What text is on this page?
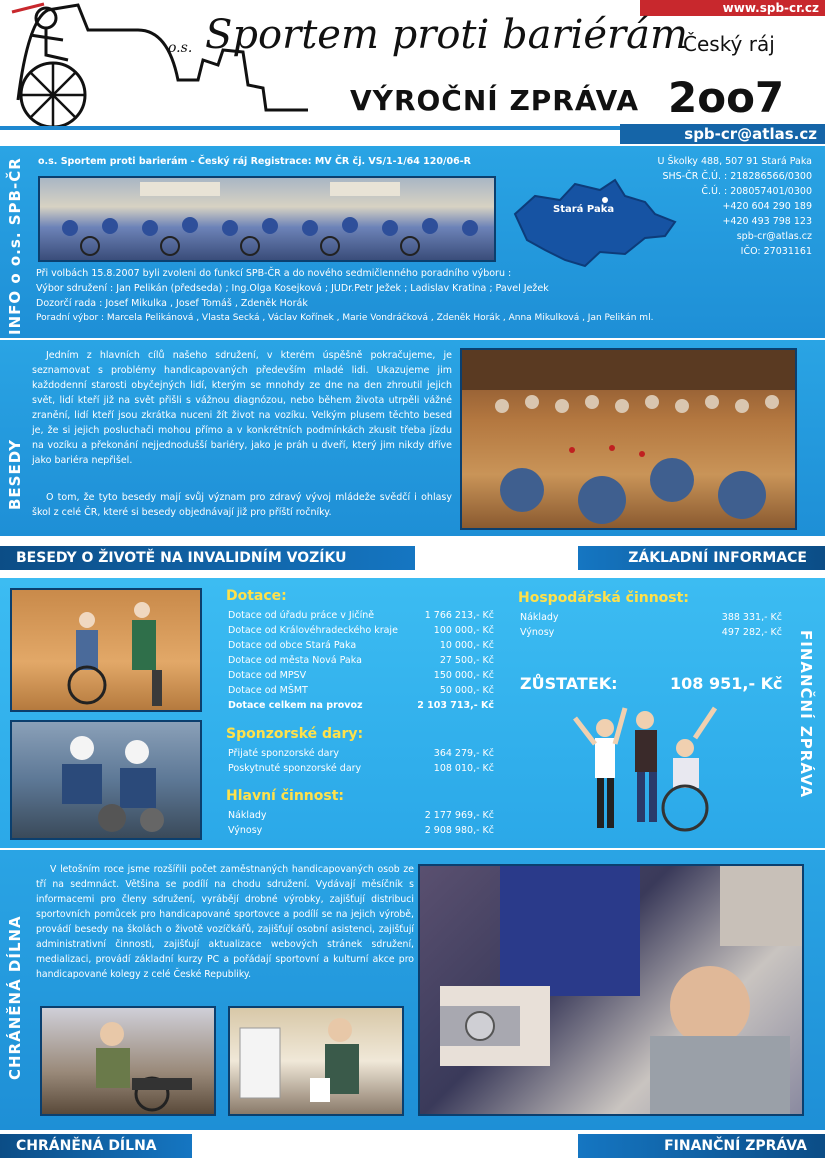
www.spb-cr.cz
o.s. Sportem proti bariérám
Český ráj
VÝROČNÍ ZPRÁVA 2oo7
spb-cr@atlas.cz
INFO o o.s. SPB-ČR o.s. Sportem proti barierám - Český ráj Registrace: MV ČR čj. VS/1-1/64 120/06-R
Stará Paka
U Školky 488, 507 91 Stará Paka
SHS-ČR Č.Ú. : 218286566/0300
Č.Ú. : 208057401/0300
+420 604 290 189
+420 493 798 123
spb-cr@atlas.cz
IČO: 27031161
Při volbách 15.8.2007 byli zvoleni do funkcí SPB-ČR a do nového sedmičlenného poradního výboru :
Výbor sdružení : Jan Pelikán (předseda) ; Ing.Olga Kosejková ; JUDr.Petr Ježek ; Ladislav Kratina ; Pavel Ježek
Dozorčí rada : Josef Mikulka , Josef Tomáš , Zdeněk Horák
Poradní výbor : Marcela Pelikánová , Vlasta Secká , Václav Kořínek , Marie Vondráčková , Zdeněk Horák , Anna Mikulková , Jan Pelikán ml.
BESEDY
Jedním z hlavních cílů našeho sdružení, v kterém úspěšně pokračujeme, je seznamovat s problémy handicapovaných především mladé lidi. Ukazujeme jim každodenní starosti obyčejných lidí, kterým se mnohdy ze dne na den zhroutil jejich svět, lidí kteří již na svět přišli s vážnou diagnózou, nebo během života utrpěli vážné zranění, lidí kteří jsou zkrátka nuceni žít život na vozíku. Velkým plusem těchto besed je, že si jejich posluchači mohou přímo a v konkrétních podmínkách zkusit třeba jízdu na vozíku a překonání nejjednodušší bariéry, jako je práh u dveří, který jim nikdy dříve jako bariéra nepřišel.
O tom, že tyto besedy mají svůj význam pro zdravý vývoj mládeže svědčí i ohlasy škol z celé ČR, které si besedy objednávají již pro příští ročníky.
BESEDY O ŽIVOTĚ NA INVALIDNÍM VOZÍKU	ZÁKLADNÍ INFORMACE
Dotace:
Dotace od úřadu práce v Jičíně	1 766 213,- Kč
Dotace od Královéhradeckého kraje	100 000,- Kč
Dotace od obce Stará Paka	10 000,- Kč
Dotace od města Nová Paka	27 500,- Kč
Dotace od MPSV	150 000,- Kč
Dotace od MŠMT	50 000,- Kč
Dotace celkem na provoz	2 103 713,- Kč
Sponzorské dary:
Přijaté sponzorské dary	364 279,- Kč
Poskytnuté sponzorské dary	108 010,- Kč
Hlavní činnost:
Náklady	2 177 969,- Kč
Výnosy	2 908 980,- Kč
Hospodářská činnost:
Náklady	388 331,- Kč
Výnosy	497 282,- Kč
ZŮSTATEK:	108 951,- Kč FINANČNÍ ZPRÁVA
CHRÁNĚNÁ DÍLNA
V letošním roce jsme rozšířili počet zaměstnaných handicapovaných osob ze tří na sedmnáct. Většina se podílí na chodu sdružení. Vydávají měsíčník s informacemi pro členy sdružení, vyrábějí drobné výrobky, zajišťují distribuci sportovních pomůcek pro handicapované sportovce a podílí se na jejich výrobě, provádí besedy na školách o životě vozíčkářů, zajišťují osobní asistenci, zajišťují administrativní činnosti, zajišťují aktualizace webových stránek sdružení, medializaci, provádí základní kurzy PC a pořádají sportovní a kulturní akce pro handicapované kolegy z celé České Republiky.
CHRÁNĚNÁ DÍLNA	FINANČNÍ ZPRÁVA
